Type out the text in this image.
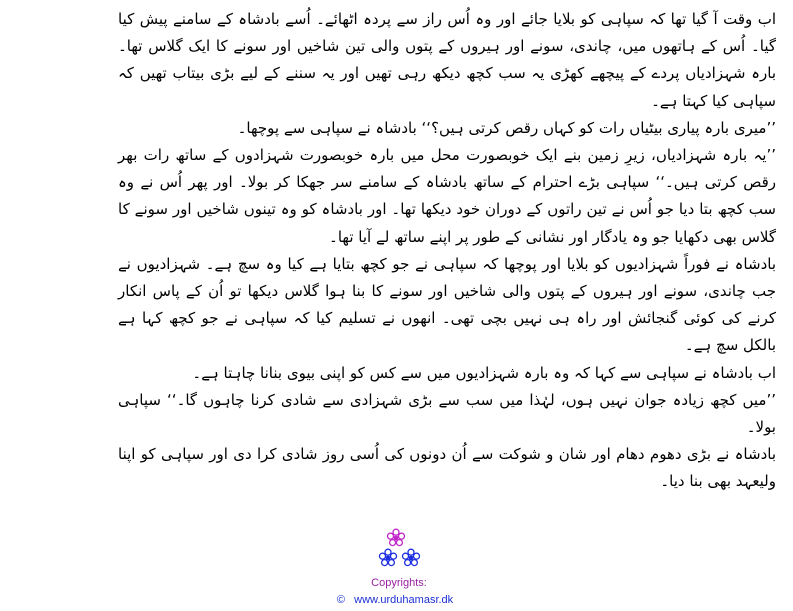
اب وقت آ گیا تھا کہ سپاہی کو بلایا جائے اور وہ اُس راز سے پردہ اٹھائے۔ اُسے بادشاہ کے سامنے پیش کیا گیا۔ اُس کے ہاتھوں میں، چاندی، سونے اور ہیروں کے پتوں والی تین شاخیں اور سونے کا ایک گلاس تھا۔ بارہ شہزادیاں پردے کے پیچھے کھڑی یہ سب کچھ دیکھ رہی تھیں اور یہ سننے کے لیے بڑی بیتاب تھیں کہ سپاہی کیا کہتا ہے۔

’’میری بارہ پیاری بیٹیاں رات کو کہاں رقص کرتی ہیں؟‘‘ بادشاہ نے سپاہی سے پوچھا۔

’’یہ بارہ شہزادیاں، زیرِ زمین بنے ایک خوبصورت محل میں بارہ خوبصورت شہزادوں کے ساتھ رات بھر رقص کرتی ہیں۔‘‘ سپاہی بڑے احترام کے ساتھ بادشاہ کے سامنے سر جھکا کر بولا۔ اور پھر اُس نے وہ سب کچھ بتا دیا جو اُس نے تین راتوں کے دوران خود دیکھا تھا۔ اور بادشاہ کو وہ تینوں شاخیں اور سونے کا گلاس بھی دکھایا جو وہ یادگار اور نشانی کے طور پر اپنے ساتھ لے آیا تھا۔

بادشاہ نے فوراً شہزادیوں کو بلایا اور پوچھا کہ سپاہی نے جو کچھ بتایا ہے کیا وہ سچ ہے۔ شہزادیوں نے جب چاندی، سونے اور ہیروں کے پتوں والی شاخیں اور سونے کا بنا ہوا گلاس دیکھا تو اُن کے پاس انکار کرنے کی کوئی گنجائش اور راہ ہی نہیں بچی تھی۔ انھوں نے تسلیم کیا کہ سپاہی نے جو کچھ کہا ہے بالکل سچ ہے۔

اب بادشاہ نے سپاہی سے کہا کہ وہ بارہ شہزادیوں میں سے کس کو اپنی بیوی بنانا چاہتا ہے۔

’’میں کچھ زیادہ جوان نہیں ہوں، لہٰذا میں سب سے بڑی شہزادی سے شادی کرنا چاہوں گا۔‘‘ سپاہی بولا۔

بادشاہ نے بڑی دھوم دھام اور شان و شوکت سے اُن دونوں کی اُسی روز شادی کرا دی اور سپاہی کو اپنا ولیعہد بھی بنا دیا۔

Copyrights:
© www.urduhamasr.dk
